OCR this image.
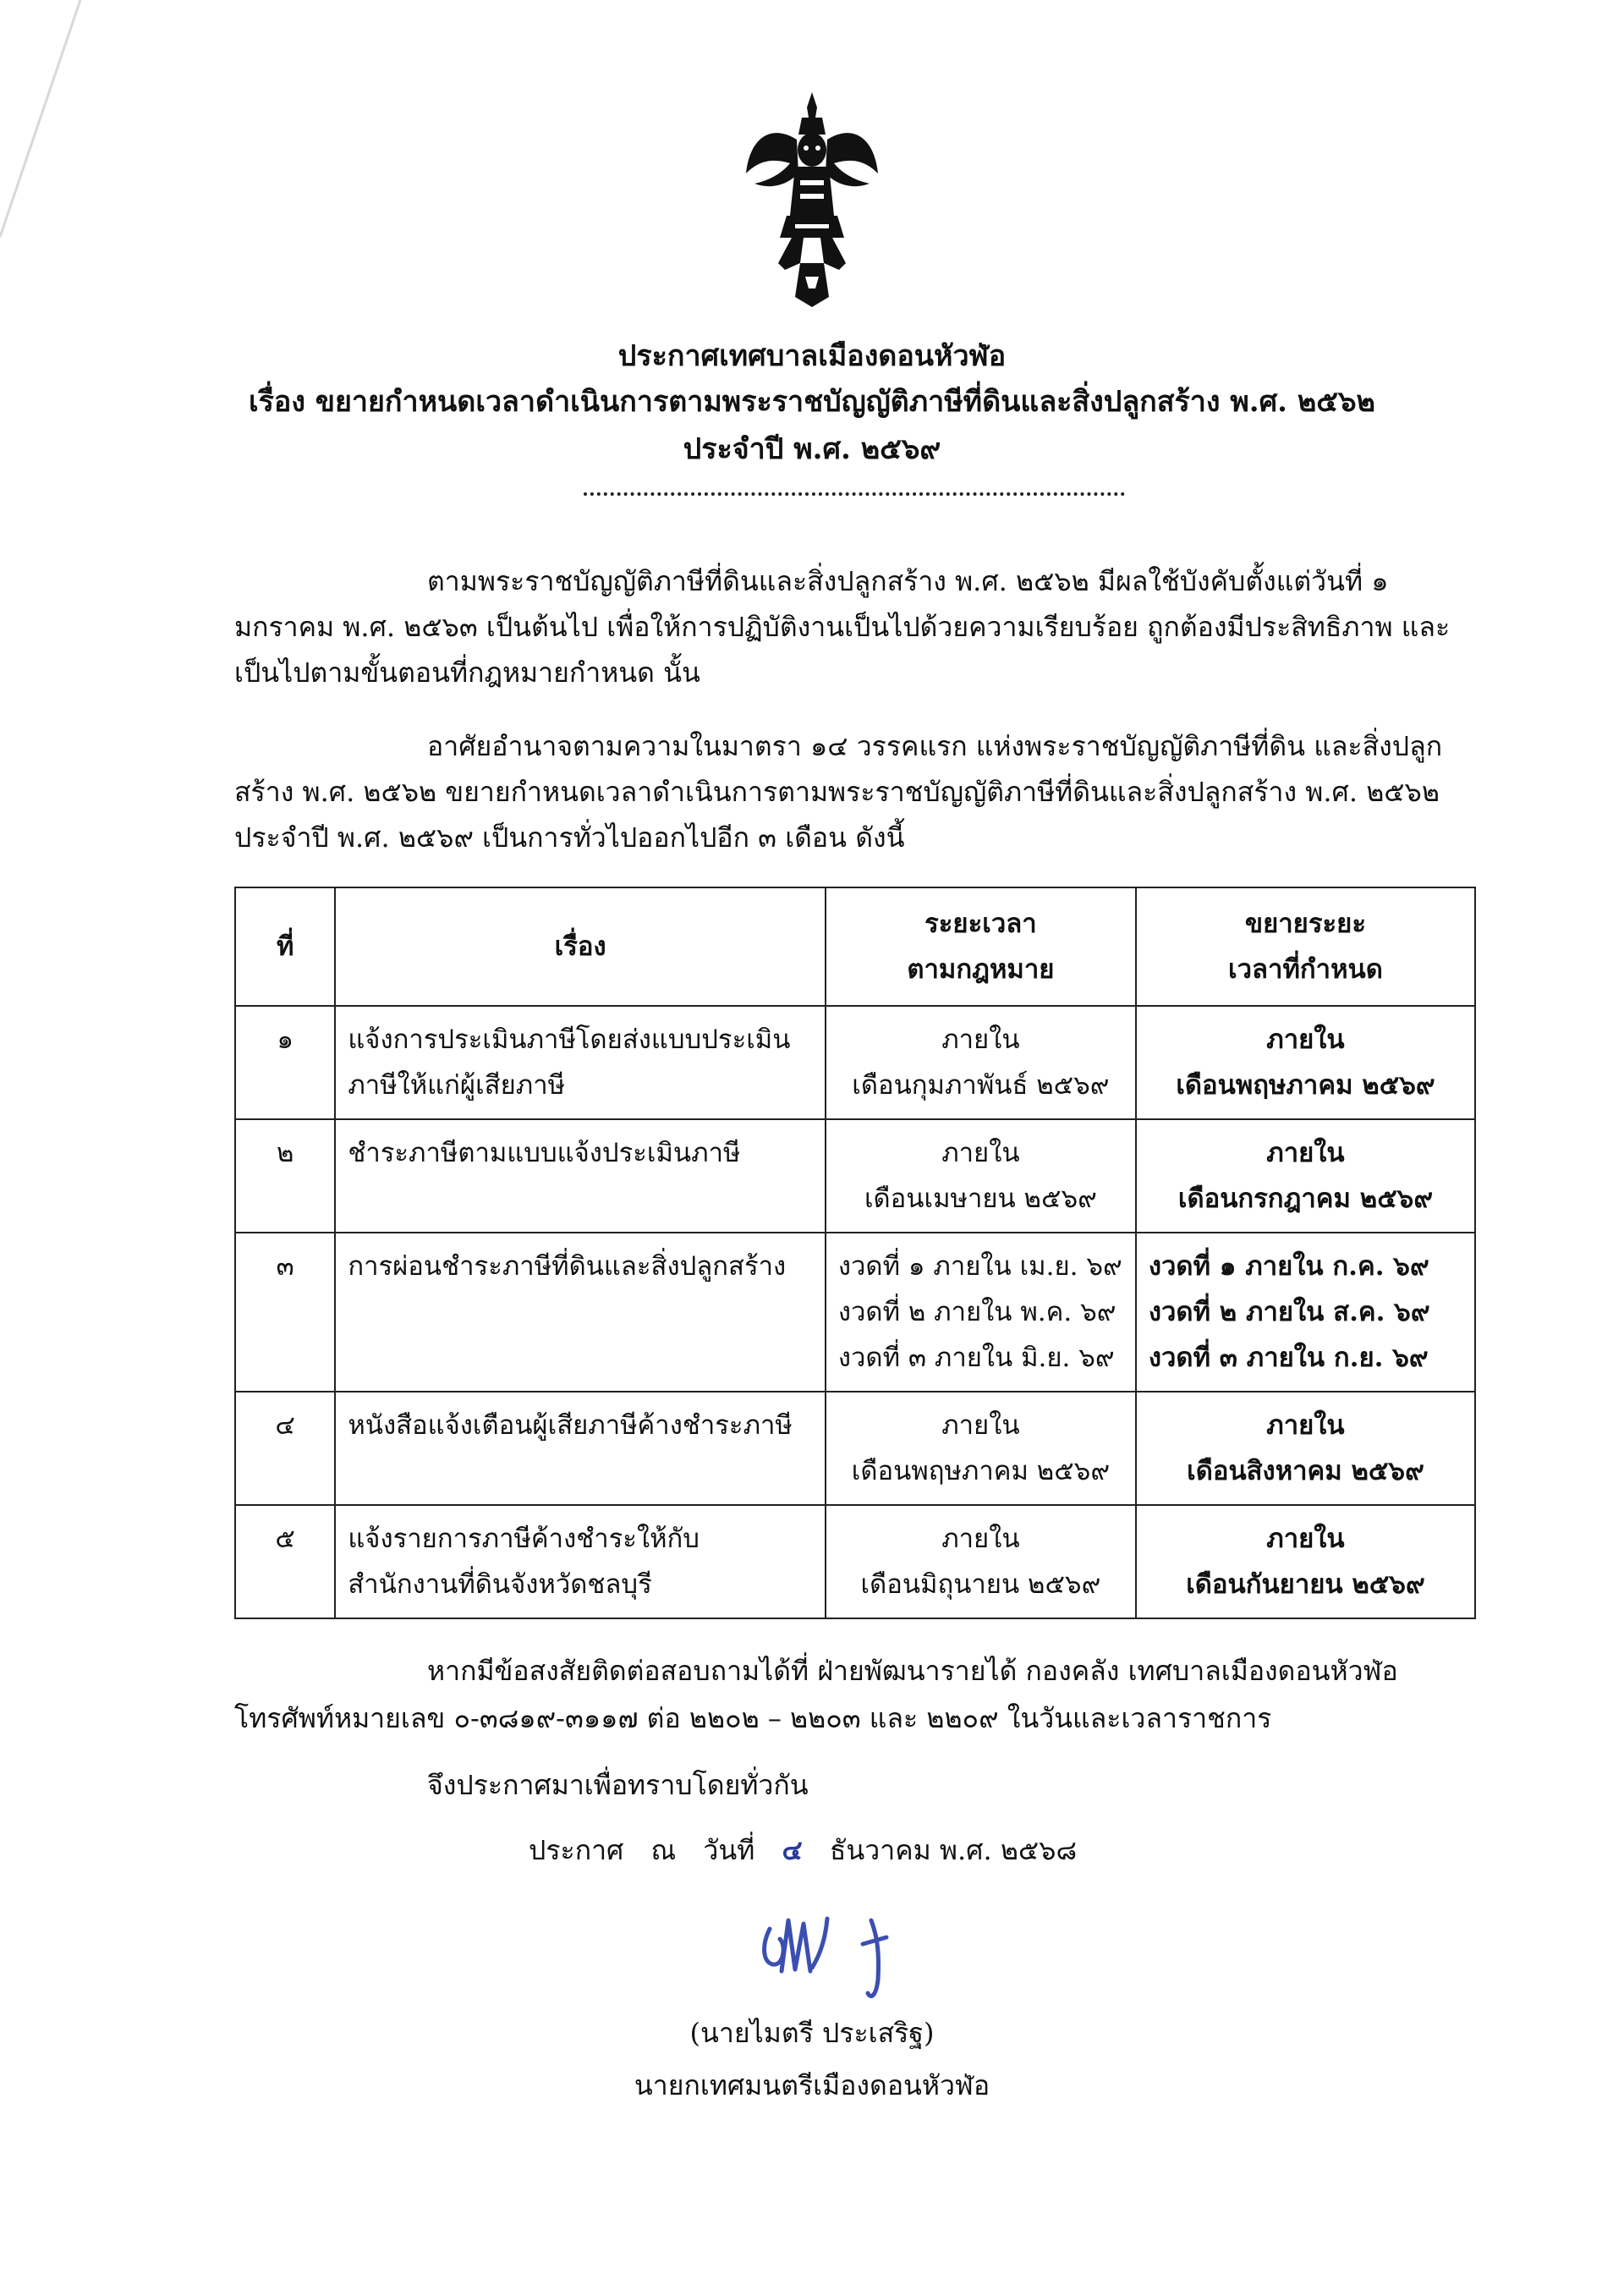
ประกาศเทศบาลเมืองดอนหัวฬ่อ
เรื่อง ขยายกำหนดเวลาดำเนินการตามพระราชบัญญัติภาษีที่ดินและสิ่งปลูกสร้าง พ.ศ. ๒๕๖๒
ประจำปี พ.ศ. ๒๕๖๙
ตามพระราชบัญญัติภาษีที่ดินและสิ่งปลูกสร้าง พ.ศ. ๒๕๖๒ มีผลใช้บังคับตั้งแต่วันที่ ๑ มกราคม พ.ศ. ๒๕๖๓ เป็นต้นไป เพื่อให้การปฏิบัติงานเป็นไปด้วยความเรียบร้อย ถูกต้องมีประสิทธิภาพ และเป็นไปตามขั้นตอนที่กฎหมายกำหนด นั้น
อาศัยอำนาจตามความในมาตรา ๑๔ วรรคแรก แห่งพระราชบัญญัติภาษีที่ดิน และสิ่งปลูกสร้าง พ.ศ. ๒๕๖๒ ขยายกำหนดเวลาดำเนินการตามพระราชบัญญัติภาษีที่ดินและสิ่งปลูกสร้าง พ.ศ. ๒๕๖๒ ประจำปี พ.ศ. ๒๕๖๙ เป็นการทั่วไปออกไปอีก ๓ เดือน ดังนี้
ที่	เรื่อง	ระยะเวลา
ตามกฎหมาย	ขยายระยะ
เวลาที่กำหนด

๑	แจ้งการประเมินภาษีโดยส่งแบบประเมิน
ภาษีให้แก่ผู้เสียภาษี	ภายใน
เดือนกุมภาพันธ์ ๒๕๖๙	ภายใน
เดือนพฤษภาคม ๒๕๖๙

๒	ชำระภาษีตามแบบแจ้งประเมินภาษี	ภายใน
เดือนเมษายน ๒๕๖๙	ภายใน
เดือนกรกฎาคม ๒๕๖๙

๓	การผ่อนชำระภาษีที่ดินและสิ่งปลูกสร้าง	งวดที่ ๑ ภายใน เม.ย. ๖๙
งวดที่ ๒ ภายใน พ.ค. ๖๙
งวดที่ ๓ ภายใน มิ.ย. ๖๙	งวดที่ ๑ ภายใน ก.ค. ๖๙
งวดที่ ๒ ภายใน ส.ค. ๖๙
งวดที่ ๓ ภายใน ก.ย. ๖๙

๔	หนังสือแจ้งเตือนผู้เสียภาษีค้างชำระภาษี	ภายใน
เดือนพฤษภาคม ๒๕๖๙	ภายใน
เดือนสิงหาคม ๒๕๖๙

๕	แจ้งรายการภาษีค้างชำระให้กับ
สำนักงานที่ดินจังหวัดชลบุรี	ภายใน
เดือนมิถุนายน ๒๕๖๙	ภายใน
เดือนกันยายน ๒๕๖๙
หากมีข้อสงสัยติดต่อสอบถามได้ที่ ฝ่ายพัฒนารายได้ กองคลัง เทศบาลเมืองดอนหัวฬ่อ โทรศัพท์หมายเลข ๐-๓๘๑๙-๓๑๑๗ ต่อ ๒๒๐๒ – ๒๒๐๓ และ ๒๒๐๙ ในวันและเวลาราชการ
จึงประกาศมาเพื่อทราบโดยทั่วกัน
ประกาศ ณ วันที่ ๔ ธันวาคม พ.ศ. ๒๕๖๘
(นายไมตรี ประเสริฐ)
นายกเทศมนตรีเมืองดอนหัวฬ่อ
